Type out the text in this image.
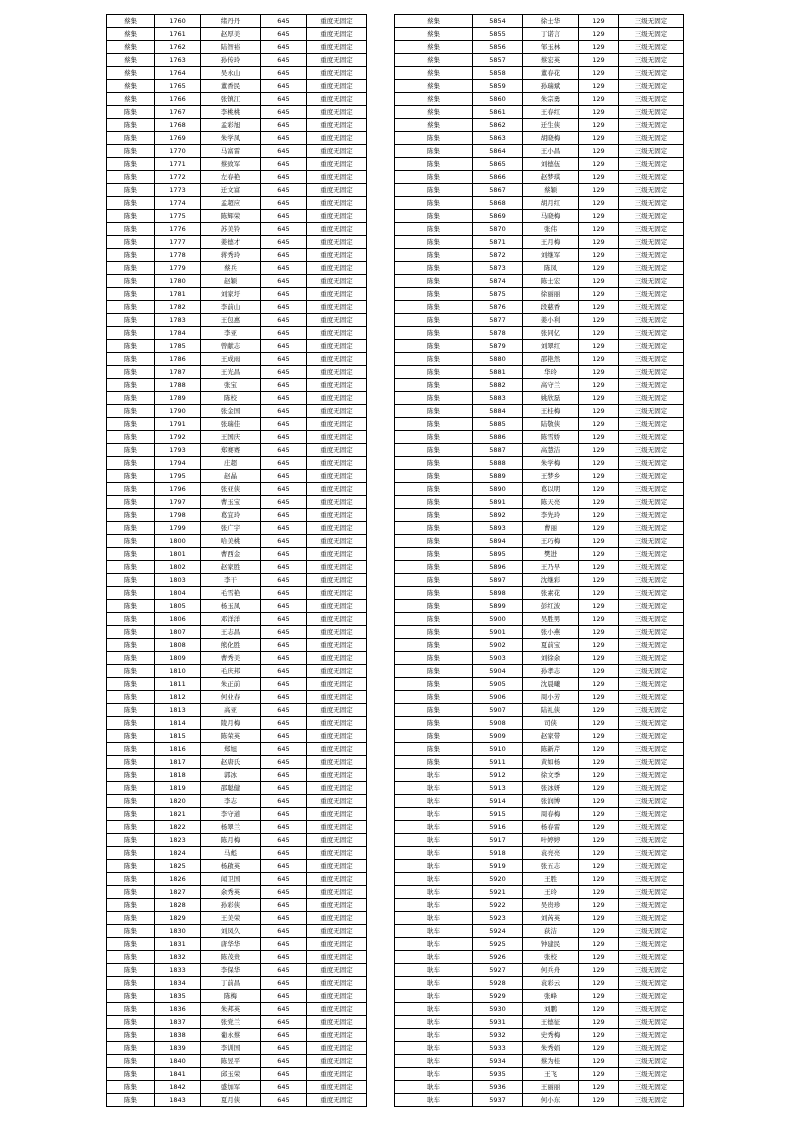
蔡集	1760	绪丹丹	645	重度无固定
蔡集	1761	赵厚美	645	重度无固定
蔡集	1762	陆智裕	645	重度无固定
蔡集	1763	孙传玲	645	重度无固定
蔡集	1764	吴永山	645	重度无固定
蔡集	1765	董香民	645	重度无固定
蔡集	1766	张镇江	645	重度无固定
陈集	1767	李桃桃	645	重度无固定
陈集	1768	孟彩旭	645	重度无固定
陈集	1769	朱学凤	645	重度无固定
陈集	1770	马富雷	645	重度无固定
陈集	1771	蔡致军	645	重度无固定
陈集	1772	左春艳	645	重度无固定
陈集	1773	迁文富	645	重度无固定
陈集	1774	孟超应	645	重度无固定
陈集	1775	陈辉荣	645	重度无固定
陈集	1776	苏美铃	645	重度无固定
陈集	1777	姜德才	645	重度无固定
陈集	1778	蒋秀玲	645	重度无固定
陈集	1779	蔡兵	645	重度无固定
陈集	1780	赵颖	645	重度无固定
陈集	1781	刘家圩	645	重度无固定
陈集	1782	李前山	645	重度无固定
陈集	1783	王包惠	645	重度无固定
陈集	1784	李亚	645	重度无固定
陈集	1785	曾献志	645	重度无固定
陈集	1786	王成雨	645	重度无固定
陈集	1787	王光昌	645	重度无固定
陈集	1788	张宝	645	重度无固定
陈集	1789	陈校	645	重度无固定
陈集	1790	张金国	645	重度无固定
陈集	1791	张瑞佳	645	重度无固定
陈集	1792	王国庆	645	重度无固定
陈集	1793	郑赛赛	645	重度无固定
陈集	1794	庄超	645	重度无固定
陈集	1795	赵晶	645	重度无固定
陈集	1796	张亚侠	645	重度无固定
陈集	1797	曹玉宝	645	重度无固定
陈集	1798	葛宜玲	645	重度无固定
陈集	1799	张广宇	645	重度无固定
陈集	1800	哈美桃	645	重度无固定
陈集	1801	曹西金	645	重度无固定
陈集	1802	赵家胜	645	重度无固定
陈集	1803	李干	645	重度无固定
陈集	1804	毛雪艳	645	重度无固定
陈集	1805	杨玉凤	645	重度无固定
陈集	1806	邓洋洋	645	重度无固定
陈集	1807	王志昌	645	重度无固定
陈集	1808	熊化胜	645	重度无固定
陈集	1809	曹秀美	645	重度无固定
陈集	1810	毛庆邦	645	重度无固定
陈集	1811	朱正前	645	重度无固定
陈集	1812	何业春	645	重度无固定
陈集	1813	高亚	645	重度无固定
陈集	1814	陵月梅	645	重度无固定
陈集	1815	陈荣英	645	重度无固定
陈集	1816	郑旭	645	重度无固定
陈集	1817	赵唐氏	645	重度无固定
陈集	1818	郭冰	645	重度无固定
陈集	1819	邵聪健	645	重度无固定
陈集	1820	李志	645	重度无固定
陈集	1821	李守道	645	重度无固定
陈集	1822	杨翠兰	645	重度无固定
陈集	1823	陈月梅	645	重度无固定
陈集	1824	马彪	645	重度无固定
陈集	1825	杨啟英	645	重度无固定
陈集	1826	闻卫国	645	重度无固定
陈集	1827	余秀英	645	重度无固定
陈集	1828	孙彩侠	645	重度无固定
陈集	1829	王美荣	645	重度无固定
陈集	1830	刘凤久	645	重度无固定
陈集	1831	唐华华	645	重度无固定
陈集	1832	陈茂贵	645	重度无固定
陈集	1833	李保华	645	重度无固定
陈集	1834	丁前昌	645	重度无固定
陈集	1835	陈梅	645	重度无固定
陈集	1836	朱邦英	645	重度无固定
陈集	1837	张党兰	645	重度无固定
陈集	1838	葡永蔡	645	重度无固定
陈集	1839	李训国	645	重度无固定
陈集	1840	陈昱平	645	重度无固定
陈集	1841	邱玉荣	645	重度无固定
陈集	1842	盛加军	645	重度无固定
陈集	1843	夏月侠	645	重度无固定
蔡集	5854	徐士华	129	三级无固定
蔡集	5855	丁诺言	129	三级无固定
蔡集	5856	邹玉林	129	三级无固定
蔡集	5857	蔡宏英	129	三级无固定
蔡集	5858	董春花	129	三级无固定
蔡集	5859	孙瑞斌	129	三级无固定
蔡集	5860	朱宗勇	129	三级无固定
蔡集	5861	王春红	129	三级无固定
蔡集	5862	迁生侠	129	三级无固定
陈集	5863	胡晓梅	129	三级无固定
陈集	5864	王小昌	129	三级无固定
陈集	5865	刘德伍	129	三级无固定
陈集	5866	赵梦琪	129	三级无固定
陈集	5867	蔡颖	129	三级无固定
陈集	5868	胡月红	129	三级无固定
陈集	5869	马晓梅	129	三级无固定
陈集	5870	张伟	129	三级无固定
陈集	5871	王月梅	129	三级无固定
陈集	5872	刘继军	129	三级无固定
陈集	5873	陈凤	129	三级无固定
陈集	5874	陈士宏	129	三级无固定
陈集	5875	徐丽丽	129	三级无固定
陈集	5876	段慈香	129	三级无固定
陈集	5877	姜小利	129	三级无固定
陈集	5878	张同亿	129	三级无固定
陈集	5879	刘翠红	129	三级无固定
陈集	5880	邵艳然	129	三级无固定
陈集	5881	华玲	129	三级无固定
陈集	5882	高守兰	129	三级无固定
陈集	5883	姚欣磊	129	三级无固定
陈集	5884	王桂梅	129	三级无固定
陈集	5885	陆敬侠	129	三级无固定
陈集	5886	陈雪娇	129	三级无固定
陈集	5887	高慧洁	129	三级无固定
陈集	5888	朱学梅	129	三级无固定
陈集	5889	王梦乡	129	三级无固定
陈集	5890	葛以明	129	三级无固定
陈集	5891	陈天亮	129	三级无固定
陈集	5892	李先玲	129	三级无固定
陈集	5893	曹丽	129	三级无固定
陈集	5894	王巧梅	129	三级无固定
陈集	5895	樊进	129	三级无固定
陈集	5896	王乃早	129	三级无固定
陈集	5897	沈继彩	129	三级无固定
陈集	5898	张素花	129	三级无固定
陈集	5899	彭红波	129	三级无固定
陈集	5900	吴胜男	129	三级无固定
陈集	5901	张小燕	129	三级无固定
陈集	5902	夏前宝	129	三级无固定
陈集	5903	刘徐余	129	三级无固定
陈集	5904	孙孝志	129	三级无固定
陈集	5905	沈晨曦	129	三级无固定
陈集	5906	周小芳	129	三级无固定
陈集	5907	陆礼侠	129	三级无固定
陈集	5908	司侠	129	三级无固定
陈集	5909	赵家带	129	三级无固定
陈集	5910	陈新芹	129	三级无固定
陈集	5911	黄如杨	129	三级无固定
耿车	5912	徐文季	129	三级无固定
耿车	5913	张冰妍	129	三级无固定
耿车	5914	张润博	129	三级无固定
耿车	5915	周春梅	129	三级无固定
耿车	5916	杨春雷	129	三级无固定
耿车	5917	叶婷婷	129	三级无固定
耿车	5918	袁亮亮	129	三级无固定
耿车	5919	张五志	129	三级无固定
耿车	5920	王胜	129	三级无固定
耿车	5921	王玲	129	三级无固定
耿车	5922	吴贵珍	129	三级无固定
耿车	5923	刘芮英	129	三级无固定
耿车	5924	荻洁	129	三级无固定
耿车	5925	钟建民	129	三级无固定
耿车	5926	张校	129	三级无固定
耿车	5927	何兵舟	129	三级无固定
耿车	5928	袁彩云	129	三级无固定
耿车	5929	张峰	129	三级无固定
耿车	5930	刘鹏	129	三级无固定
耿车	5931	王德征	129	三级无固定
耿车	5932	史秀梅	129	三级无固定
耿车	5933	朱秀娟	129	三级无固定
耿车	5934	蔡为桂	129	三级无固定
耿车	5935	王飞	129	三级无固定
耿车	5936	王丽丽	129	三级无固定
耿车	5937	何小东	129	三级无固定
